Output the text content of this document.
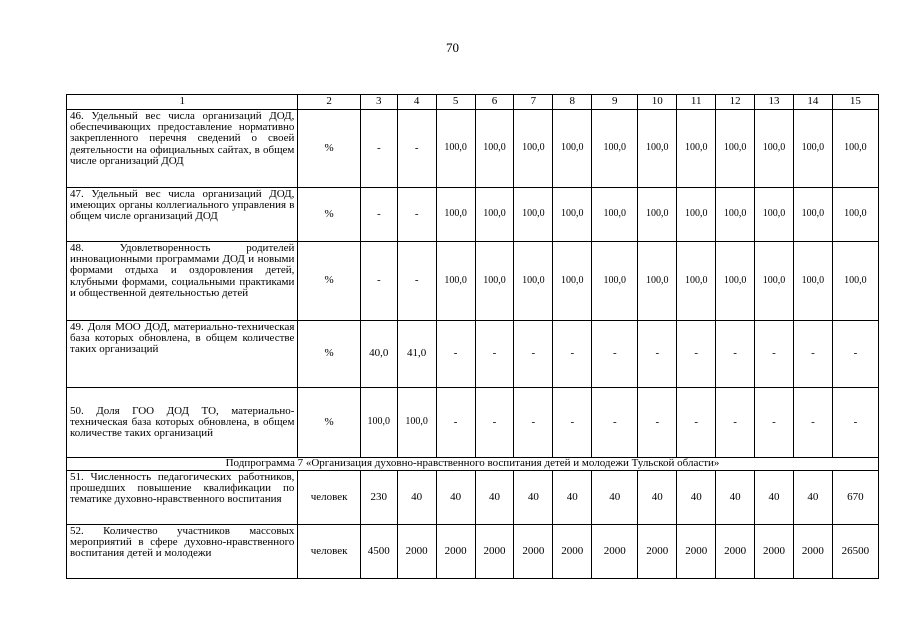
70
1	2	3	4	5	6	7	8	9	10	11	12	13	14	15
46. Удельный вес числа организаций ДОД, обеспечивающих предоставление нормативно закрепленного перечня сведений о своей деятельности на официальных сайтах, в общем числе организаций ДОД	%	-	-	100,0	100,0	100,0	100,0	100,0	100,0	100,0	100,0	100,0	100,0	100,0
47. Удельный вес числа организаций ДОД, имеющих органы коллегиального управления в общем числе организаций ДОД	%	-	-	100,0	100,0	100,0	100,0	100,0	100,0	100,0	100,0	100,0	100,0	100,0
48. Удовлетворенность родителей инновационными программами ДОД и новыми формами отдыха и оздоровления детей, клубными формами, социальными практиками и общественной деятельностью детей	%	-	-	100,0	100,0	100,0	100,0	100,0	100,0	100,0	100,0	100,0	100,0	100,0
49. Доля МОО ДОД, материально-техническая база которых обновлена, в общем количестве таких организаций	%	40,0	41,0	-	-	-	-	-	-	-	-	-	-	-
50. Доля ГОО ДОД ТО, материально-техническая база которых обновлена, в общем количестве таких организаций	%	100,0	100,0	-	-	-	-	-	-	-	-	-	-	-
Подпрограмма 7 «Организация духовно-нравственного воспитания детей и молодежи Тульской области»														
51. Численность педагогических работников, прошедших повышение квалификации по тематике духовно-нравственного воспитания	человек	230	40	40	40	40	40	40	40	40	40	40	40	670
52. Количество участников массовых мероприятий в сфере духовно-нравственного воспитания детей и молодежи	человек	4500	2000	2000	2000	2000	2000	2000	2000	2000	2000	2000	2000	26500
